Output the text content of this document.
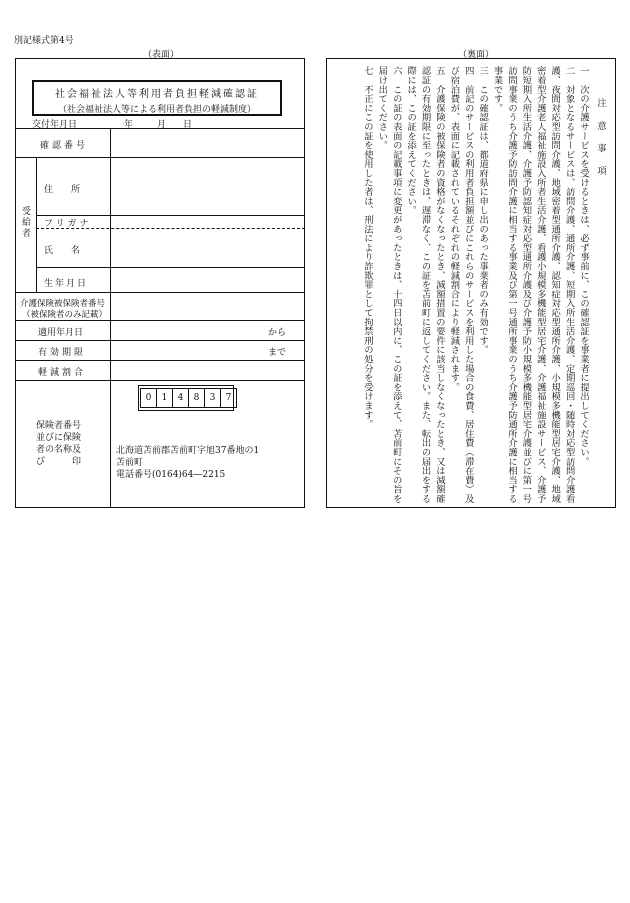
別記様式第4号
（表面）	（裏面）
社会福祉法人等利用者負担軽減確認証
（社会福祉法人等による利用者負担の軽減制度）
交付年月日	年	月 日
確認番号
受給者
住　　所
フリガナ
氏　　名
生年月日
介護保険被保険者番号
（被保険者のみ記載）
適用年月日	から
有効期限	まで
軽減割合
保険者番号
並びに保険
者の名称及
び　　　印
0	1	4	8	3	7
北海道苫前郡苫前町字旭37番地の1
苫前町
電話番号(0164)64―2215
注　意　事　項
一　次の介護サービスを受けるときは、必ず事前に、この確認証を事業者に提出してください。
二　対象となるサービスは、訪問介護、通所介護、短期入所生活介護、定期巡回・随時対応型訪問介護看護、夜間対応型訪問介護、地域密着型通所介護、認知症対応型通所介護、小規模多機能型居宅介護、地域密着型介護老人福祉施設入所者生活介護、看護小規模多機能型居宅介護、介護福祉施設サービス、介護予防短期入所生活介護、介護予防認知症対応型通所介護及び介護予防小規模多機能型居宅介護並びに第一号訪問事業のうち介護予防訪問介護に相当する事業及び第一号通所事業のうち介護予防通所介護に相当する事業です。
三　この確認証は、都道府県に申し出のあった事業者のみ有効です。
四　前記のサービスの利用者負担額並びにこれらのサービスを利用した場合の食費、居住費（滞在費）及び宿泊費が、表面に記載されているそれぞれの軽減割合により軽減されます。
五　介護保険の被保険者の資格がなくなったとき、減額措置の要件に該当しなくなったとき、又は減額確認証の有効期限に至ったときは、遅滞なく、この証を苫前町に返してください。また、転出の届出をする際には、この証を添えてください。
六　この証の表面の記載事項に変更があったときは、十四日以内に、この証を添えて、苫前町にその旨を届け出てください。
七　不正にこの証を使用した者は、刑法により詐欺罪として拘禁刑の処分を受けます。
